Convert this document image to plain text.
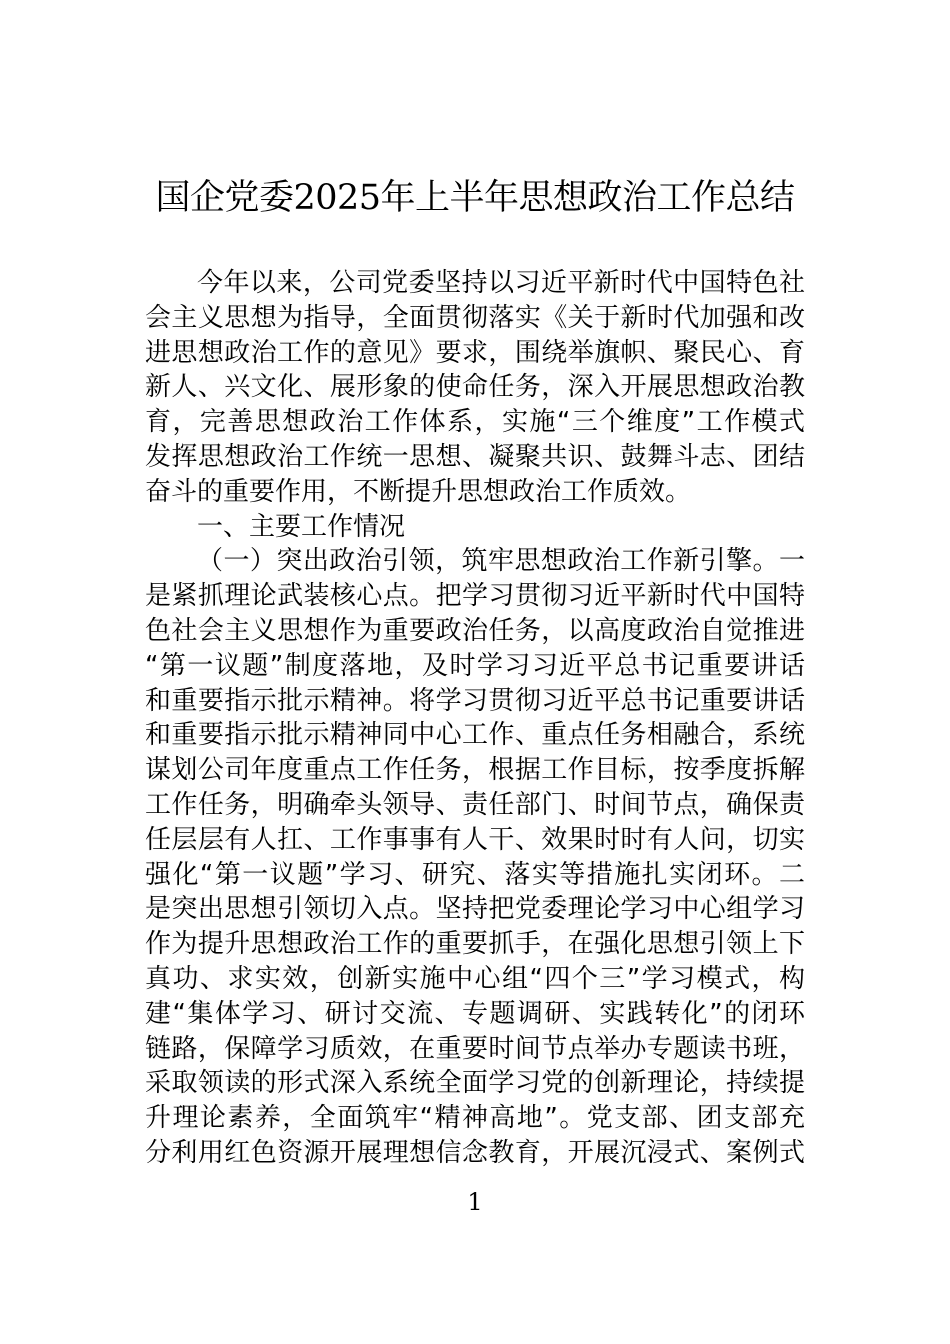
国企党委2025年上半年思想政治工作总结
今年以来，公司党委坚持以习近平新时代中国特色社
会主义思想为指导，全面贯彻落实《关于新时代加强和改
进思想政治工作的意见》要求，围绕举旗帜、聚民心、育
新人、兴文化、展形象的使命任务，深入开展思想政治教
育，完善思想政治工作体系，实施“三个维度”工作模式
发挥思想政治工作统一思想、凝聚共识、鼓舞斗志、团结
奋斗的重要作用，不断提升思想政治工作质效。
一、主要工作情况
（一）突出政治引领，筑牢思想政治工作新引擎。一
是紧抓理论武装核心点。把学习贯彻习近平新时代中国特
色社会主义思想作为重要政治任务，以高度政治自觉推进
“第一议题”制度落地，及时学习习近平总书记重要讲话
和重要指示批示精神。将学习贯彻习近平总书记重要讲话
和重要指示批示精神同中心工作、重点任务相融合，系统
谋划公司年度重点工作任务，根据工作目标，按季度拆解
工作任务，明确牵头领导、责任部门、时间节点，确保责
任层层有人扛、工作事事有人干、效果时时有人问，切实
强化“第一议题”学习、研究、落实等措施扎实闭环。二
是突出思想引领切入点。坚持把党委理论学习中心组学习
作为提升思想政治工作的重要抓手，在强化思想引领上下
真功、求实效，创新实施中心组“四个三”学习模式，构
建“集体学习、研讨交流、专题调研、实践转化”的闭环
链路，保障学习质效，在重要时间节点举办专题读书班，
采取领读的形式深入系统全面学习党的创新理论，持续提
升理论素养，全面筑牢“精神高地”。党支部、团支部充
分利用红色资源开展理想信念教育，开展沉浸式、案例式
1
